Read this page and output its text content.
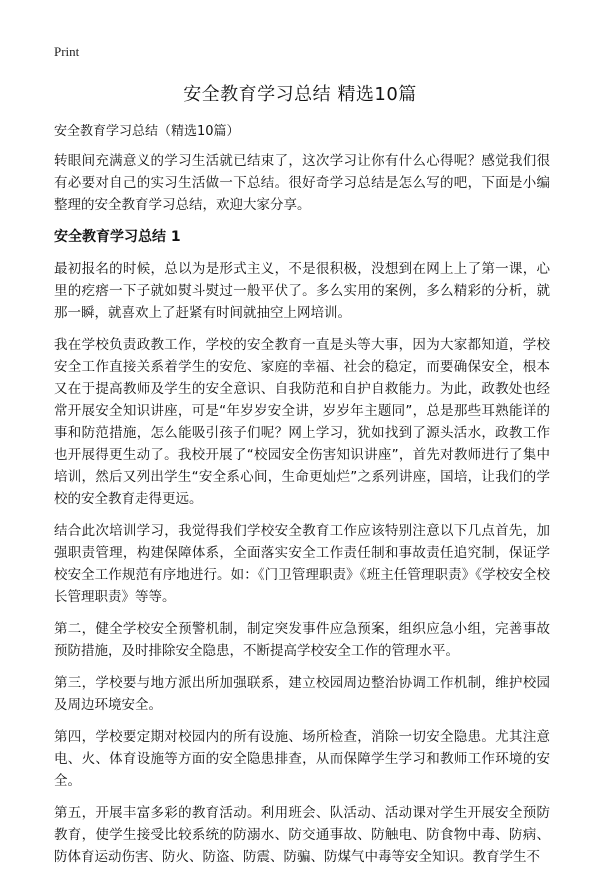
Print
安全教育学习总结 精选10篇

安全教育学习总结（精选10篇）

转眼间充满意义的学习生活就已结束了，这次学习让你有什么心得呢？感觉我们很有必要对自己的实习生活做一下总结。很好奇学习总结是怎么写的吧，下面是小编整理的安全教育学习总结，欢迎大家分享。

安全教育学习总结 1

最初报名的时候，总以为是形式主义，不是很积极，没想到在网上上了第一课，心里的疙瘩一下子就如熨斗熨过一般平伏了。多么实用的案例，多么精彩的分析，就那一瞬，就喜欢上了赶紧有时间就抽空上网培训。

我在学校负责政教工作，学校的安全教育一直是头等大事，因为大家都知道，学校安全工作直接关系着学生的安危、家庭的幸福、社会的稳定，而要确保安全，根本又在于提高教师及学生的安全意识、自我防范和自护自救能力。为此，政教处也经常开展安全知识讲座，可是“年岁岁安全讲，岁岁年主题同”，总是那些耳熟能详的事和防范措施，怎么能吸引孩子们呢？网上学习，犹如找到了源头活水，政教工作也开展得更生动了。我校开展了“校园安全伤害知识讲座”，首先对教师进行了集中培训，然后又列出学生“安全系心间，生命更灿烂”之系列讲座，国培，让我们的学校的安全教育走得更远。

结合此次培训学习，我觉得我们学校安全教育工作应该特别注意以下几点首先，加强职责管理，构建保障体系，全面落实安全工作责任制和事故责任追究制，保证学校安全工作规范有序地进行。如：《门卫管理职责》《班主任管理职责》《学校安全校长管理职责》等等。

第二，健全学校安全预警机制，制定突发事件应急预案，组织应急小组，完善事故预防措施，及时排除安全隐患，不断提高学校安全工作的管理水平。

第三，学校要与地方派出所加强联系，建立校园周边整治协调工作机制，维护校园及周边环境安全。

第四，学校要定期对校园内的所有设施、场所检查，消除一切安全隐患。尤其注意电、火、体育设施等方面的安全隐患排查，从而保障学生学习和教师工作环境的安全。

第五，开展丰富多彩的教育活动。利用班会、队活动、活动课对学生开展安全预防教育，使学生接受比较系统的防溺水、防交通事故、防触电、防食物中毒、防病、防体育运动伤害、防火、防盗、防震、防骗、防煤气中毒等安全知识。教育学生不
